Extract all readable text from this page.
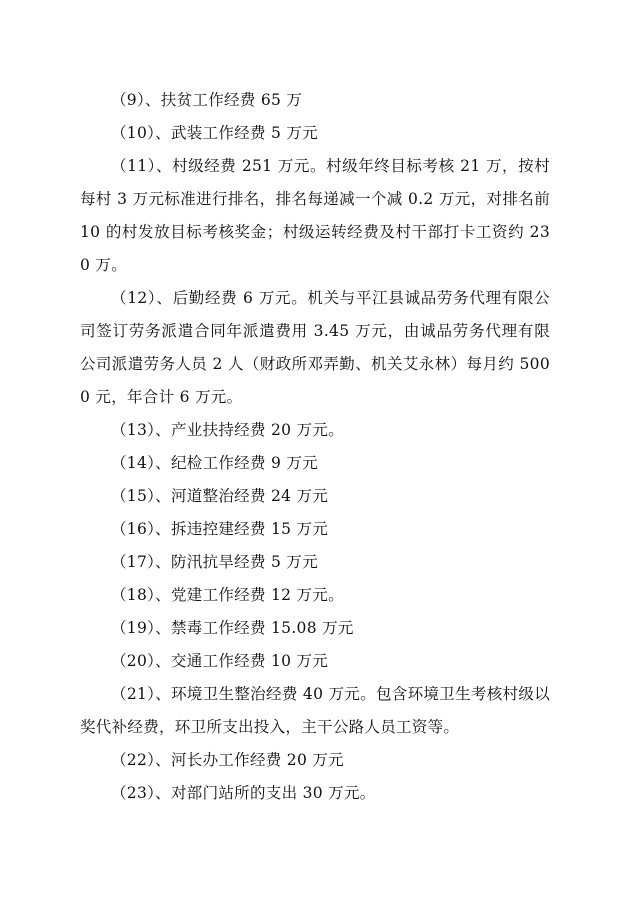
（9）、扶贫工作经费 65 万

（10）、武装工作经费 5 万元

（11）、村级经费 251 万元。村级年终目标考核 21 万，按村每村 3 万元标准进行排名，排名每递减一个减 0.2 万元，对排名前 10 的村发放目标考核奖金；村级运转经费及村干部打卡工资约 230 万。

（12）、后勤经费 6 万元。机关与平江县诚品劳务代理有限公司签订劳务派遣合同年派遣费用 3.45 万元，由诚品劳务代理有限公司派遣劳务人员 2 人（财政所邓弄勤、机关艾永林）每月约 5000 元，年合计 6 万元。

（13）、产业扶持经费 20 万元。

（14）、纪检工作经费 9 万元

（15）、河道整治经费 24 万元

（16）、拆违控建经费 15 万元

（17）、防汛抗旱经费 5 万元

（18）、党建工作经费 12 万元。

（19）、禁毒工作经费 15.08 万元

（20）、交通工作经费 10 万元

（21）、环境卫生整治经费 40 万元。包含环境卫生考核村级以奖代补经费，环卫所支出投入，主干公路人员工资等。

（22）、河长办工作经费 20 万元

（23）、对部门站所的支出 30 万元。
